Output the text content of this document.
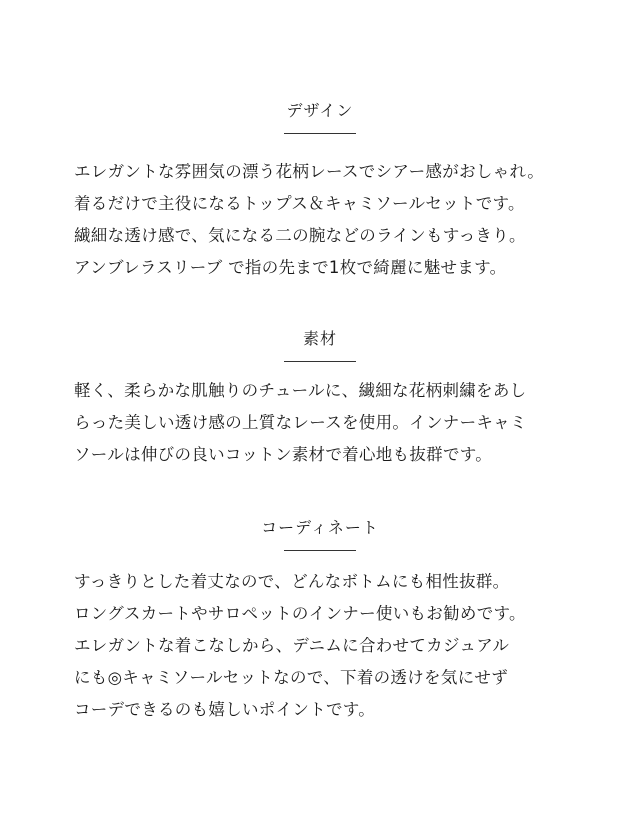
デザイン
エレガントな雰囲気の漂う花柄レースでシアー感がおしゃれ。
着るだけで主役になるトップス＆キャミソールセットです。
繊細な透け感で、気になる二の腕などのラインもすっきり。
アンブレラスリーブ で指の先まで1枚で綺麗に魅せます。
素材
軽く、柔らかな肌触りのチュールに、繊細な花柄刺繍をあし
らった美しい透け感の上質なレースを使用。インナーキャミ
ソールは伸びの良いコットン素材で着心地も抜群です。
コーディネート
すっきりとした着丈なので、どんなボトムにも相性抜群。
ロングスカートやサロペットのインナー使いもお勧めです。
エレガントな着こなしから、デニムに合わせてカジュアル
にも◎キャミソールセットなので、下着の透けを気にせず
コーデできるのも嬉しいポイントです。
